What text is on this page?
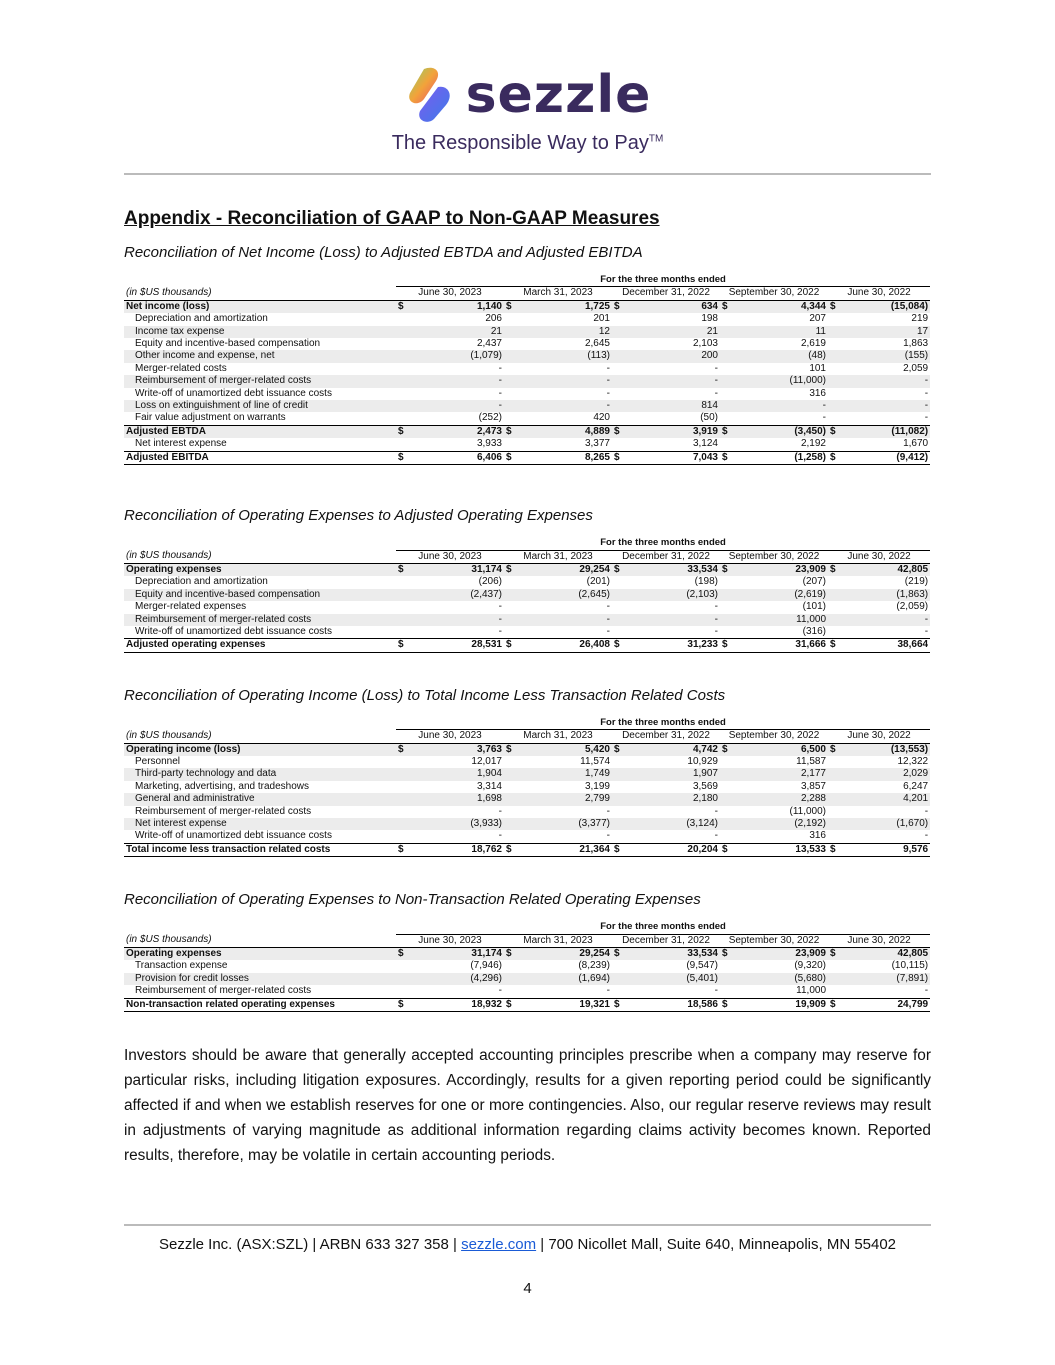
sezzle
The Responsible Way to Pay™
Appendix - Reconciliation of GAAP to Non-GAAP Measures
Reconciliation of Net Income (Loss) to Adjusted EBTDA and Adjusted EBITDA
	For the three months ended									
(in $US thousands)	June 30, 2023		March 31, 2023		December 31, 2022		September 30, 2022		June 30, 2022	
Net income (loss)	$	1,140	$	1,725	$	634	$	4,344	$	(15,084)
Depreciation and amortization		206		201		198		207		219
Income tax expense		21		12		21		11		17
Equity and incentive-based compensation		2,437		2,645		2,103		2,619		1,863
Other income and expense, net		(1,079)		(113)		200		(48)		(155)
Merger-related costs		-		-		-		101		2,059
Reimbursement of merger-related costs		-		-		-		(11,000)		-
Write-off of unamortized debt issuance costs		-		-		-		316		-
Loss on extinguishment of line of credit		-		-		814		-		-
Fair value adjustment on warrants		(252)		420		(50)		-		-
Adjusted EBTDA	$	2,473	$	4,889	$	3,919	$	(3,450)	$	(11,082)
Net interest expense		3,933		3,377		3,124		2,192		1,670
Adjusted EBITDA	$	6,406	$	8,265	$	7,043	$	(1,258)	$	(9,412)
Reconciliation of Operating Expenses to Adjusted Operating Expenses
	For the three months ended									
(in $US thousands)	June 30, 2023		March 31, 2023		December 31, 2022		September 30, 2022		June 30, 2022	
Operating expenses	$	31,174	$	29,254	$	33,534	$	23,909	$	42,805
Depreciation and amortization		(206)		(201)		(198)		(207)		(219)
Equity and incentive-based compensation		(2,437)		(2,645)		(2,103)		(2,619)		(1,863)
Merger-related expenses		-		-		-		(101)		(2,059)
Reimbursement of merger-related costs		-		-		-		11,000		-
Write-off of unamortized debt issuance costs		-		-		-		(316)		-
Adjusted operating expenses	$	28,531	$	26,408	$	31,233	$	31,666	$	38,664
Reconciliation of Operating Income (Loss) to Total Income Less Transaction Related Costs
	For the three months ended									
(in $US thousands)	June 30, 2023		March 31, 2023		December 31, 2022		September 30, 2022		June 30, 2022	
Operating income (loss)	$	3,763	$	5,420	$	4,742	$	6,500	$	(13,553)
Personnel		12,017		11,574		10,929		11,587		12,322
Third-party technology and data		1,904		1,749		1,907		2,177		2,029
Marketing, advertising, and tradeshows		3,314		3,199		3,569		3,857		6,247
General and administrative		1,698		2,799		2,180		2,288		4,201
Reimbursement of merger-related costs		-		-		-		(11,000)		-
Net interest expense		(3,933)		(3,377)		(3,124)		(2,192)		(1,670)
Write-off of unamortized debt issuance costs		-		-		-		316		-
Total income less transaction related costs	$	18,762	$	21,364	$	20,204	$	13,533	$	9,576
Reconciliation of Operating Expenses to Non-Transaction Related Operating Expenses
	For the three months ended									
(in $US thousands)	June 30, 2023		March 31, 2023		December 31, 2022		September 30, 2022		June 30, 2022	
Operating expenses	$	31,174	$	29,254	$	33,534	$	23,909	$	42,805
Transaction expense		(7,946)		(8,239)		(9,547)		(9,320)		(10,115)
Provision for credit losses		(4,296)		(1,694)		(5,401)		(5,680)		(7,891)
Reimbursement of merger-related costs		-		-		-		11,000		-
Non-transaction related operating expenses	$	18,932	$	19,321	$	18,586	$	19,909	$	24,799
Investors should be aware that generally accepted accounting principles prescribe when a company may reserve for particular risks, including litigation exposures. Accordingly, results for a given reporting period could be significantly affected if and when we establish reserves for one or more contingencies. Also, our regular reserve reviews may result in adjustments of varying magnitude as additional information regarding claims activity becomes known. Reported results, therefore, may be volatile in certain accounting periods.
Sezzle Inc. (ASX:SZL) | ARBN 633 327 358 | sezzle.com | 700 Nicollet Mall, Suite 640, Minneapolis, MN 55402
4
